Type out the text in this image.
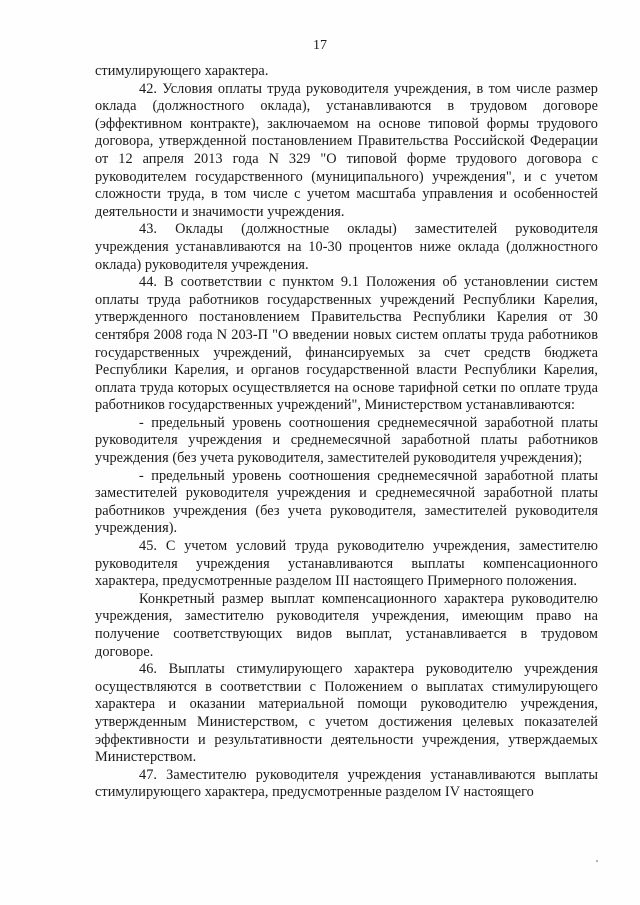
17

стимулирующего характера.

42. Условия оплаты труда руководителя учреждения, в том числе размер оклада (должностного оклада), устанавливаются в трудовом договоре (эффективном контракте), заключаемом на основе типовой формы трудового договора, утвержденной постановлением Правительства Российской Федерации от 12 апреля 2013 года N 329 "О типовой форме трудового договора с руководителем государственного (муниципального) учреждения", и с учетом сложности труда, в том числе с учетом масштаба управления и особенностей деятельности и значимости учреждения.

43. Оклады (должностные оклады) заместителей руководителя учреждения устанавливаются на 10-30 процентов ниже оклада (должностного оклада) руководителя учреждения.

44. В соответствии с пунктом 9.1 Положения об установлении систем оплаты труда работников государственных учреждений Республики Карелия, утвержденного постановлением Правительства Республики Карелия от 30 сентября 2008 года N 203-П "О введении новых систем оплаты труда работников государственных учреждений, финансируемых за счет средств бюджета Республики Карелия, и органов государственной власти Республики Карелия, оплата труда которых осуществляется на основе тарифной сетки по оплате труда работников государственных учреждений", Министерством устанавливаются:

- предельный уровень соотношения среднемесячной заработной платы руководителя учреждения и среднемесячной заработной платы работников учреждения (без учета руководителя, заместителей руководителя учреждения);

- предельный уровень соотношения среднемесячной заработной платы заместителей руководителя учреждения и среднемесячной заработной платы работников учреждения (без учета руководителя, заместителей руководителя учреждения).

45. С учетом условий труда руководителю учреждения, заместителю руководителя учреждения устанавливаются выплаты компенсационного характера, предусмотренные разделом III настоящего Примерного положения.

Конкретный размер выплат компенсационного характера руководителю учреждения, заместителю руководителя учреждения, имеющим право на получение соответствующих видов выплат, устанавливается в трудовом договоре.

46. Выплаты стимулирующего характера руководителю учреждения осуществляются в соответствии с Положением о выплатах стимулирующего характера и оказании материальной помощи руководителю учреждения, утвержденным Министерством, с учетом достижения целевых показателей эффективности и результативности деятельности учреждения, утверждаемых Министерством.

47. Заместителю руководителя учреждения устанавливаются выплаты стимулирующего характера, предусмотренные разделом IV настоящего
